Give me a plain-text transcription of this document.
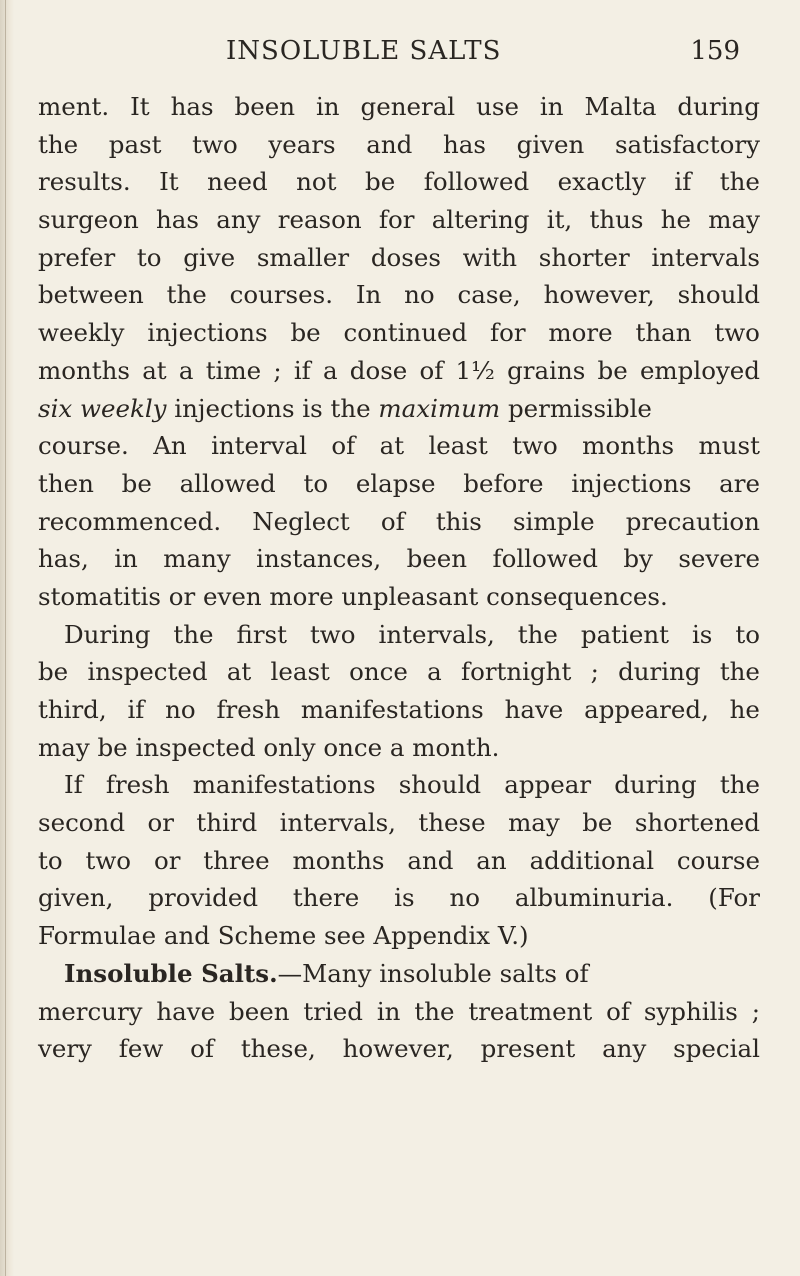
INSOLUBLE SALTS	159
ment. It has been in general use in Malta during
the past two years and has given satisfactory
results. It need not be followed exactly if the
surgeon has any reason for altering it, thus he may
prefer to give smaller doses with shorter intervals
between the courses. In no case, however, should
weekly injections be continued for more than two
months at a time ; if a dose of 1½ grains be employed
six weekly injections is the maximum permissible
course. An interval of at least two months must
then be allowed to elapse before injections are
recommenced. Neglect of this simple precaution
has, in many instances, been followed by severe
stomatitis or even more unpleasant consequences.
During the first two intervals, the patient is to
be inspected at least once a fortnight ; during the
third, if no fresh manifestations have appeared, he
may be inspected only once a month.
If fresh manifestations should appear during the
second or third intervals, these may be shortened
to two or three months and an additional course
given, provided there is no albuminuria. (For
Formulae and Scheme see Appendix V.)
Insoluble Salts. —Many insoluble salts of
mercury have been tried in the treatment of syphilis ;
very few of these, however, present any special
